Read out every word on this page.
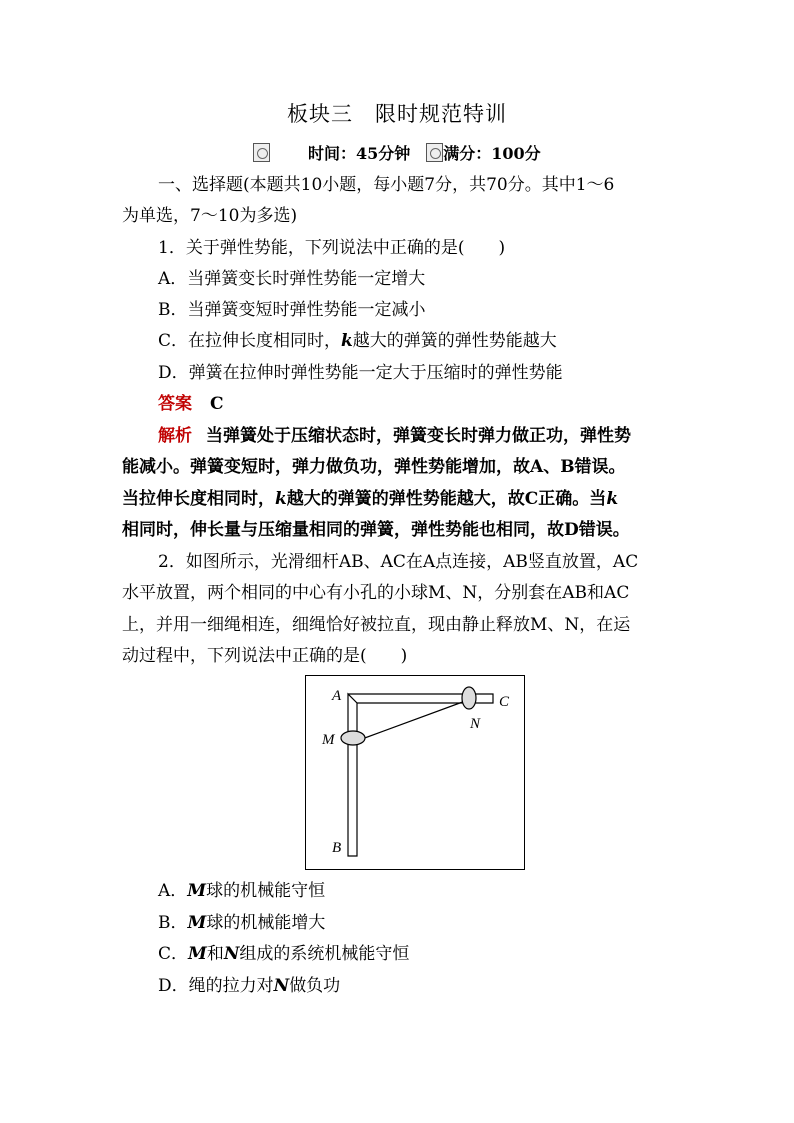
板块三　限时规范特训
时间：45分钟 满分：100分
一、选择题(本题共10小题，每小题7分，共70分。其中1～6
为单选，7～10为多选)
1．关于弹性势能，下列说法中正确的是(　　)
A．当弹簧变长时弹性势能一定增大
B．当弹簧变短时弹性势能一定减小
C．在拉伸长度相同时，k越大的弹簧的弹性势能越大
D．弹簧在拉伸时弹性势能一定大于压缩时的弹性势能
答案 C
解析 当弹簧处于压缩状态时，弹簧变长时弹力做正功，弹性势
能减小。弹簧变短时，弹力做负功，弹性势能增加，故A、B错误。
当拉伸长度相同时，k越大的弹簧的弹性势能越大，故C正确。当k
相同时，伸长量与压缩量相同的弹簧，弹性势能也相同，故D错误。
2．如图所示，光滑细杆AB、AC在A点连接，AB竖直放置，AC
水平放置，两个相同的中心有小孔的小球M、N，分别套在AB和AC
上，并用一细绳相连，细绳恰好被拉直，现由静止释放M、N，在运
动过程中，下列说法中正确的是(　　)
A
B
C
M
N
A．M球的机械能守恒
B．M球的机械能增大
C．M和N组成的系统机械能守恒
D．绳的拉力对N做负功
